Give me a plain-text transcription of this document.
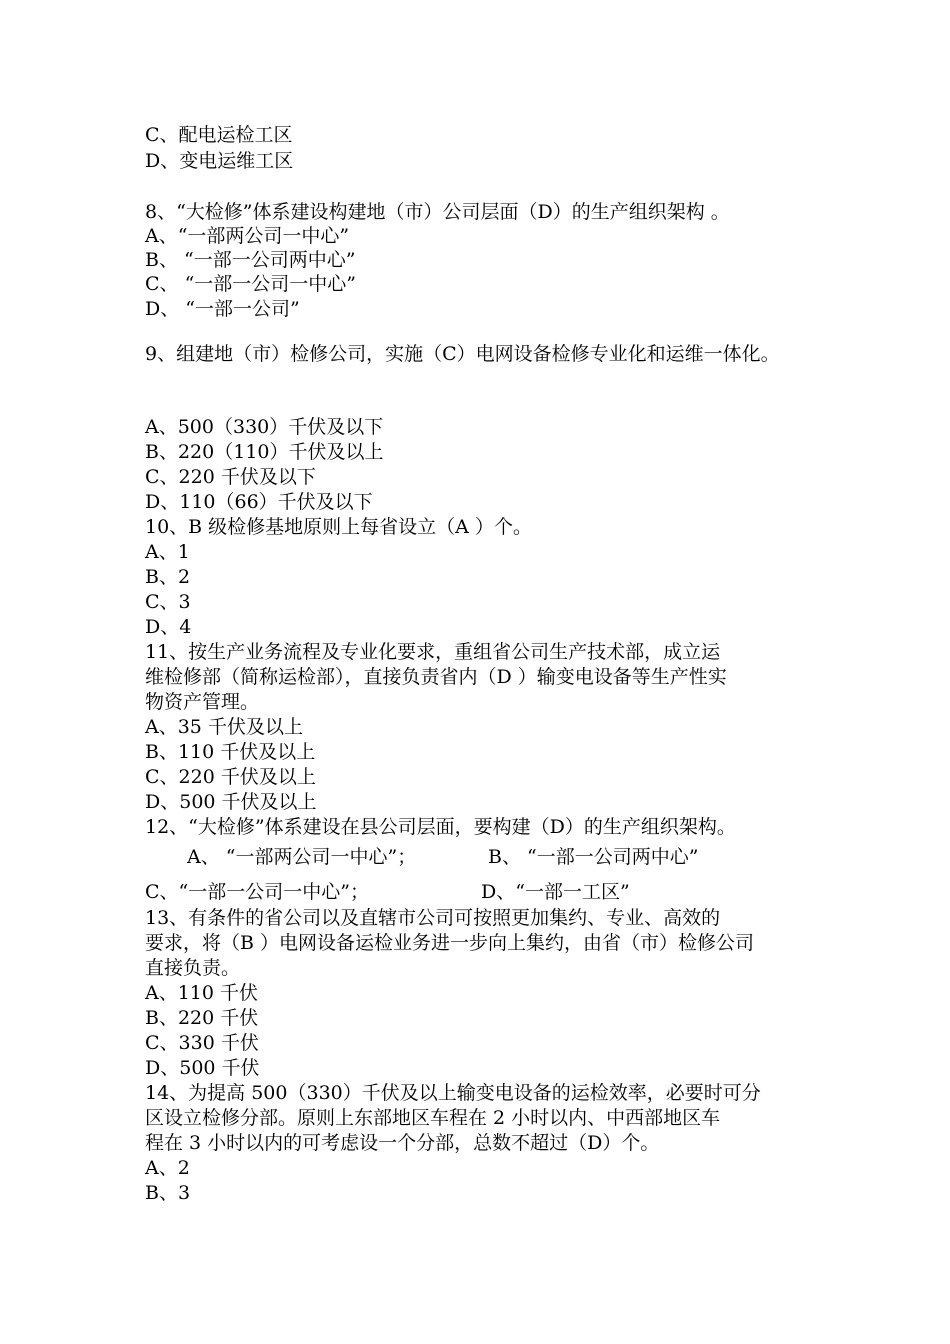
C、配电运检工区
D、变电运维工区
8、“大检修”体系建设构建地（市）公司层面（D）的生产组织架构 。
A、“一部两公司一中心”
B、 “一部一公司两中心”
C、 “一部一公司一中心”
D、 “一部一公司”
9、组建地（市）检修公司，实施（C）电网设备检修专业化和运维一体化。
A、500（330）千伏及以下
B、220（110）千伏及以上
C、220 千伏及以下
D、110（66）千伏及以下
10、B 级检修基地原则上每省设立（A ）个。
A、1
B、2
C、3
D、4
11、按生产业务流程及专业化要求，重组省公司生产技术部，成立运
维检修部（简称运检部），直接负责省内（D ）输变电设备等生产性实
物资产管理。
A、35 千伏及以上
B、110 千伏及以上
C、220 千伏及以上
D、500 千伏及以上
12、“大检修”体系建设在县公司层面，要构建（D）的生产组织架构。
A、 “一部两公司一中心”；	B、 “一部一公司两中心”
C、“一部一公司一中心”；	D、“一部一工区”
13、有条件的省公司以及直辖市公司可按照更加集约、专业、高效的
要求，将（B ）电网设备运检业务进一步向上集约，由省（市）检修公司
直接负责。
A、110 千伏
B、220 千伏
C、330 千伏
D、500 千伏
14、为提高 500（330）千伏及以上输变电设备的运检效率，必要时可分
区设立检修分部。原则上东部地区车程在 2 小时以内、中西部地区车
程在 3 小时以内的可考虑设一个分部，总数不超过（D）个。
A、2
B、3
